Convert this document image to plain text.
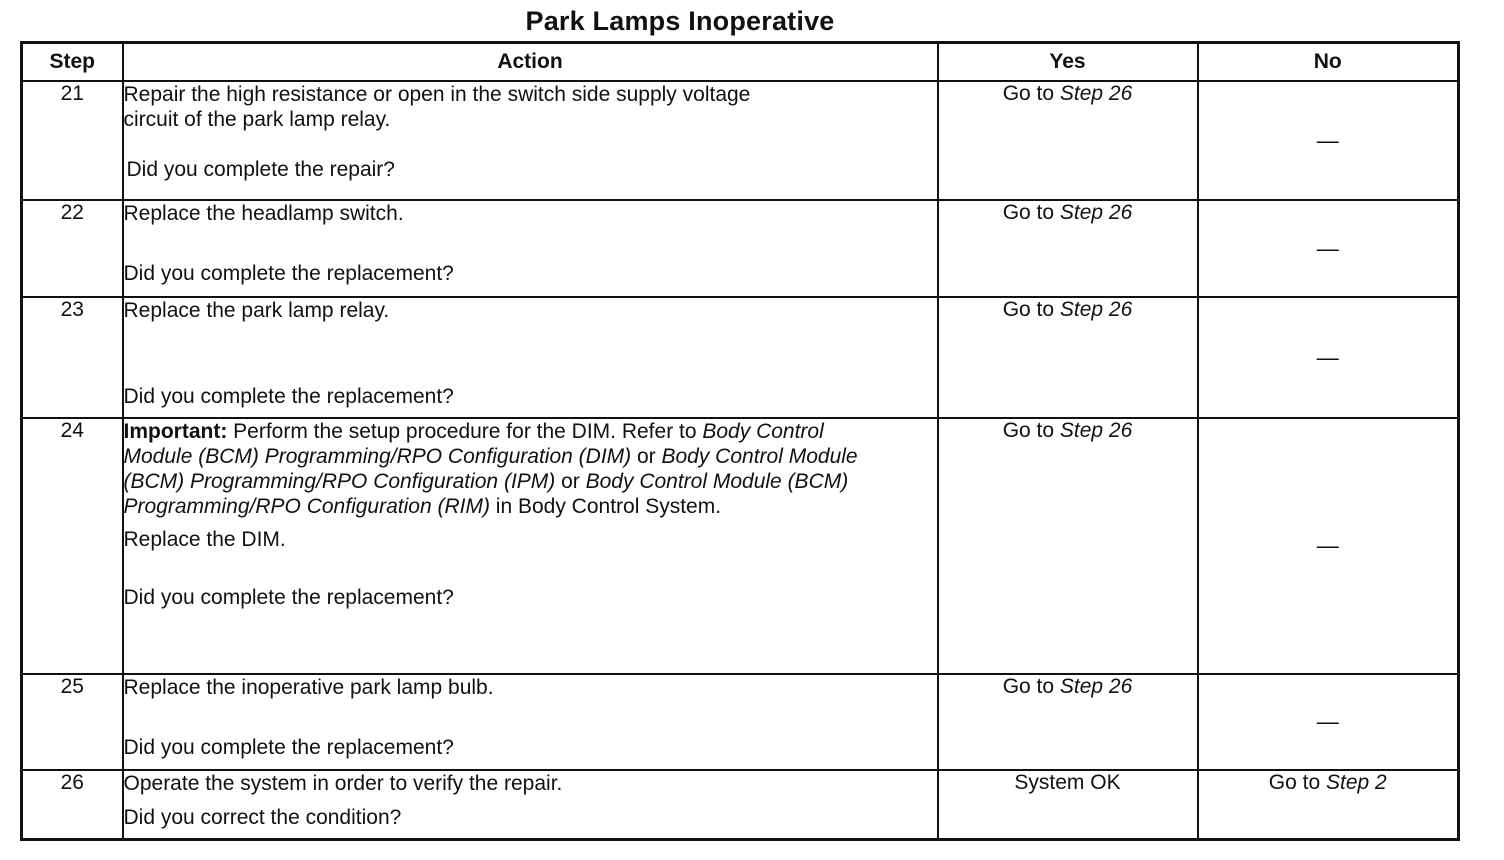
Park Lamps Inoperative
Step	Action	Yes	No
21	Repair the high resistance or open in the switch side supply voltage
circuit of the park lamp relay.
Did you complete the repair?	Go to Step 26	—
22	Replace the headlamp switch.
Did you complete the replacement?	Go to Step 26	—
23	Replace the park lamp relay.
Did you complete the replacement?	Go to Step 26	—
24	Important: Perform the setup procedure for the DIM. Refer to Body Control Module (BCM) Programming/RPO Configuration (DIM) or Body Control Module (BCM) Programming/RPO Configuration (IPM) or Body Control Module (BCM) Programming/RPO Configuration (RIM) in Body Control System.
Replace the DIM.
Did you complete the replacement?	Go to Step 26	—
25	Replace the inoperative park lamp bulb.
Did you complete the replacement?	Go to Step 26	—
26	Operate the system in order to verify the repair.
Did you correct the condition?	System OK	Go to Step 2
